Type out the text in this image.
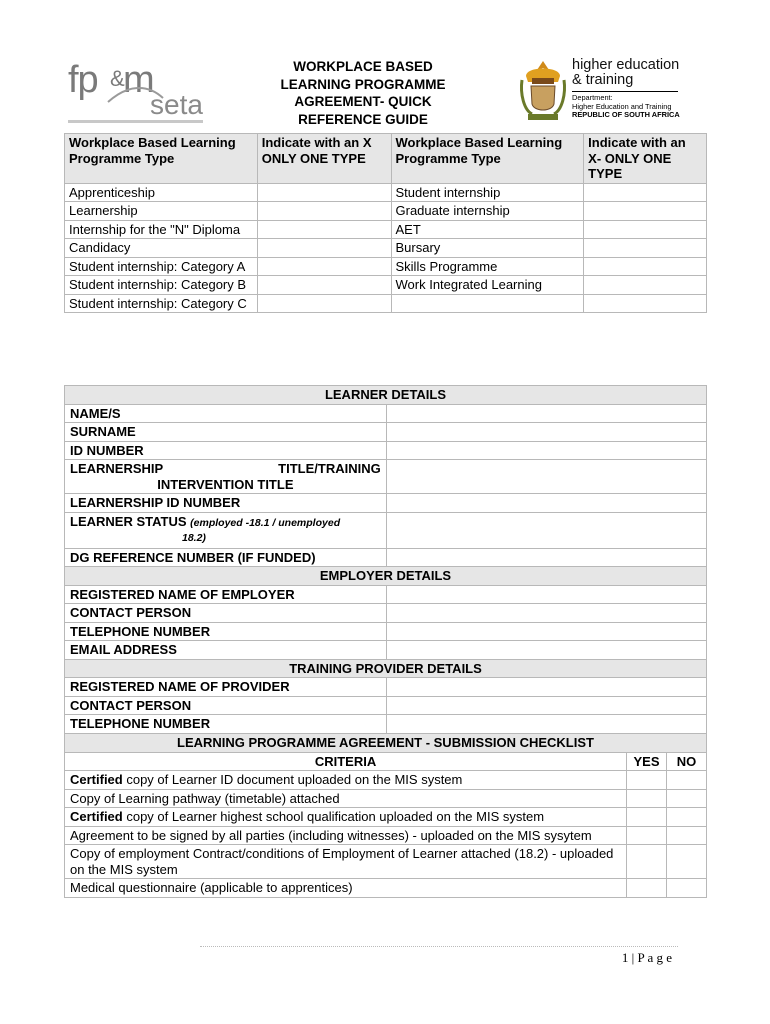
fp &
m
seta
WORKPLACE BASED
LEARNING PROGRAMME
AGREEMENT- QUICK
REFERENCE GUIDE
higher education
& training
Department:
Higher Education and Training
REPUBLIC OF SOUTH AFRICA
Workplace Based Learning Programme Type	Indicate with an X ONLY ONE TYPE	Workplace Based Learning Programme Type	Indicate with an X- ONLY ONE TYPE
Apprenticeship		Student internship	
Learnership		Graduate internship	
Internship for the "N" Diploma		AET	
Candidacy		Bursary	
Student internship: Category A		Skills Programme	
Student internship: Category B		Work Integrated Learning	
Student internship: Category C			
LEARNER DETAILS	
NAME/S	
SURNAME	
ID NUMBER	

LEARNERSHIP TITLE/TRAINING
INTERVENTION TITLE	

LEARNERSHIP ID NUMBER	

LEARNER STATUS (employed -18.1 / unemployed
18.2)	

DG REFERENCE NUMBER (IF FUNDED)	
EMPLOYER DETAILS	
REGISTERED NAME OF EMPLOYER	
CONTACT PERSON	
TELEPHONE NUMBER	
EMAIL ADDRESS	
TRAINING PROVIDER DETAILS	
REGISTERED NAME OF PROVIDER	
CONTACT PERSON	
TELEPHONE NUMBER	

LEARNING PROGRAMME AGREEMENT - SUBMISSION CHECKLIST		
CRITERIA	YES	NO
Certified copy of Learner ID document uploaded on the MIS system		
Copy of Learning pathway (timetable) attached		
Certified copy of Learner highest school qualification uploaded on the MIS system		
Agreement to be signed by all parties (including witnesses) - uploaded on the MIS sysytem		
Copy of employment Contract/conditions of Employment of Learner attached (18.2) - uploaded on the MIS system		
Medical questionnaire (applicable to apprentices)		
1 | P a g e
